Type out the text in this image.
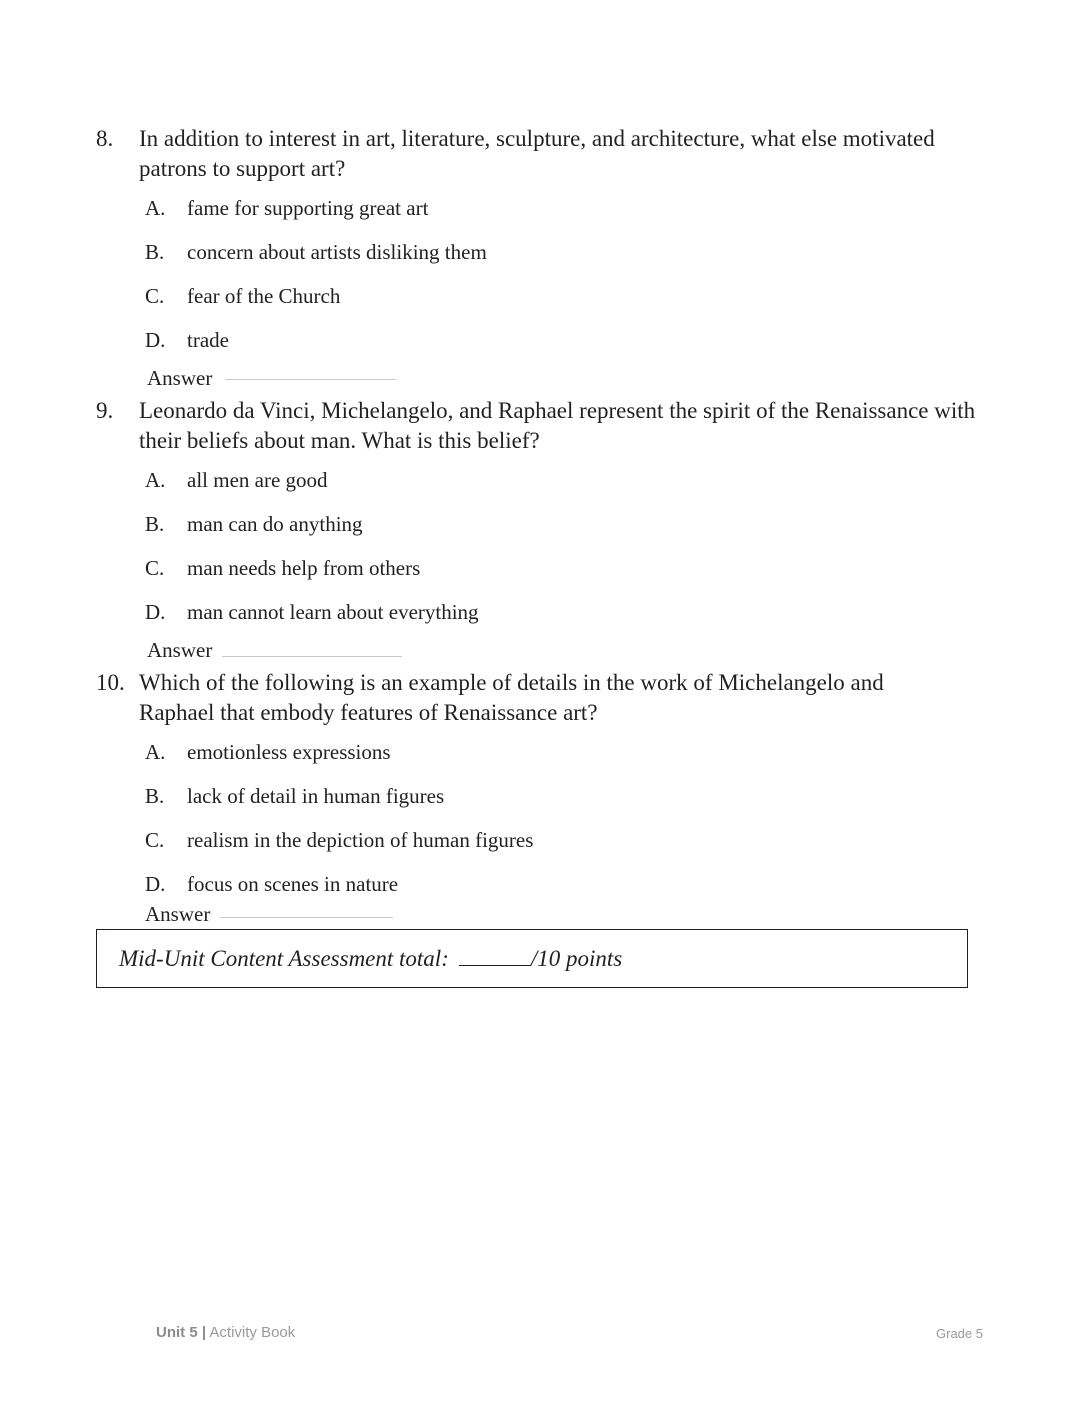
8. In addition to interest in art, literature, sculpture, and architecture, what else motivated patrons to support art?
A. fame for supporting great art
B. concern about artists disliking them
C. fear of the Church
D. trade
Answer
9. Leonardo da Vinci, Michelangelo, and Raphael represent the spirit of the Renaissance with their beliefs about man. What is this belief?
A. all men are good
B. man can do anything
C. man needs help from others
D. man cannot learn about everything
Answer
10. Which of the following is an example of details in the work of Michelangelo and Raphael that embody features of Renaissance art?
A. emotionless expressions
B. lack of detail in human figures
C. realism in the depiction of human figures
D. focus on scenes in nature
Answer
Mid-Unit Content Assessment total:	/10 points
Unit 5 | Activity Book	Grade 5
